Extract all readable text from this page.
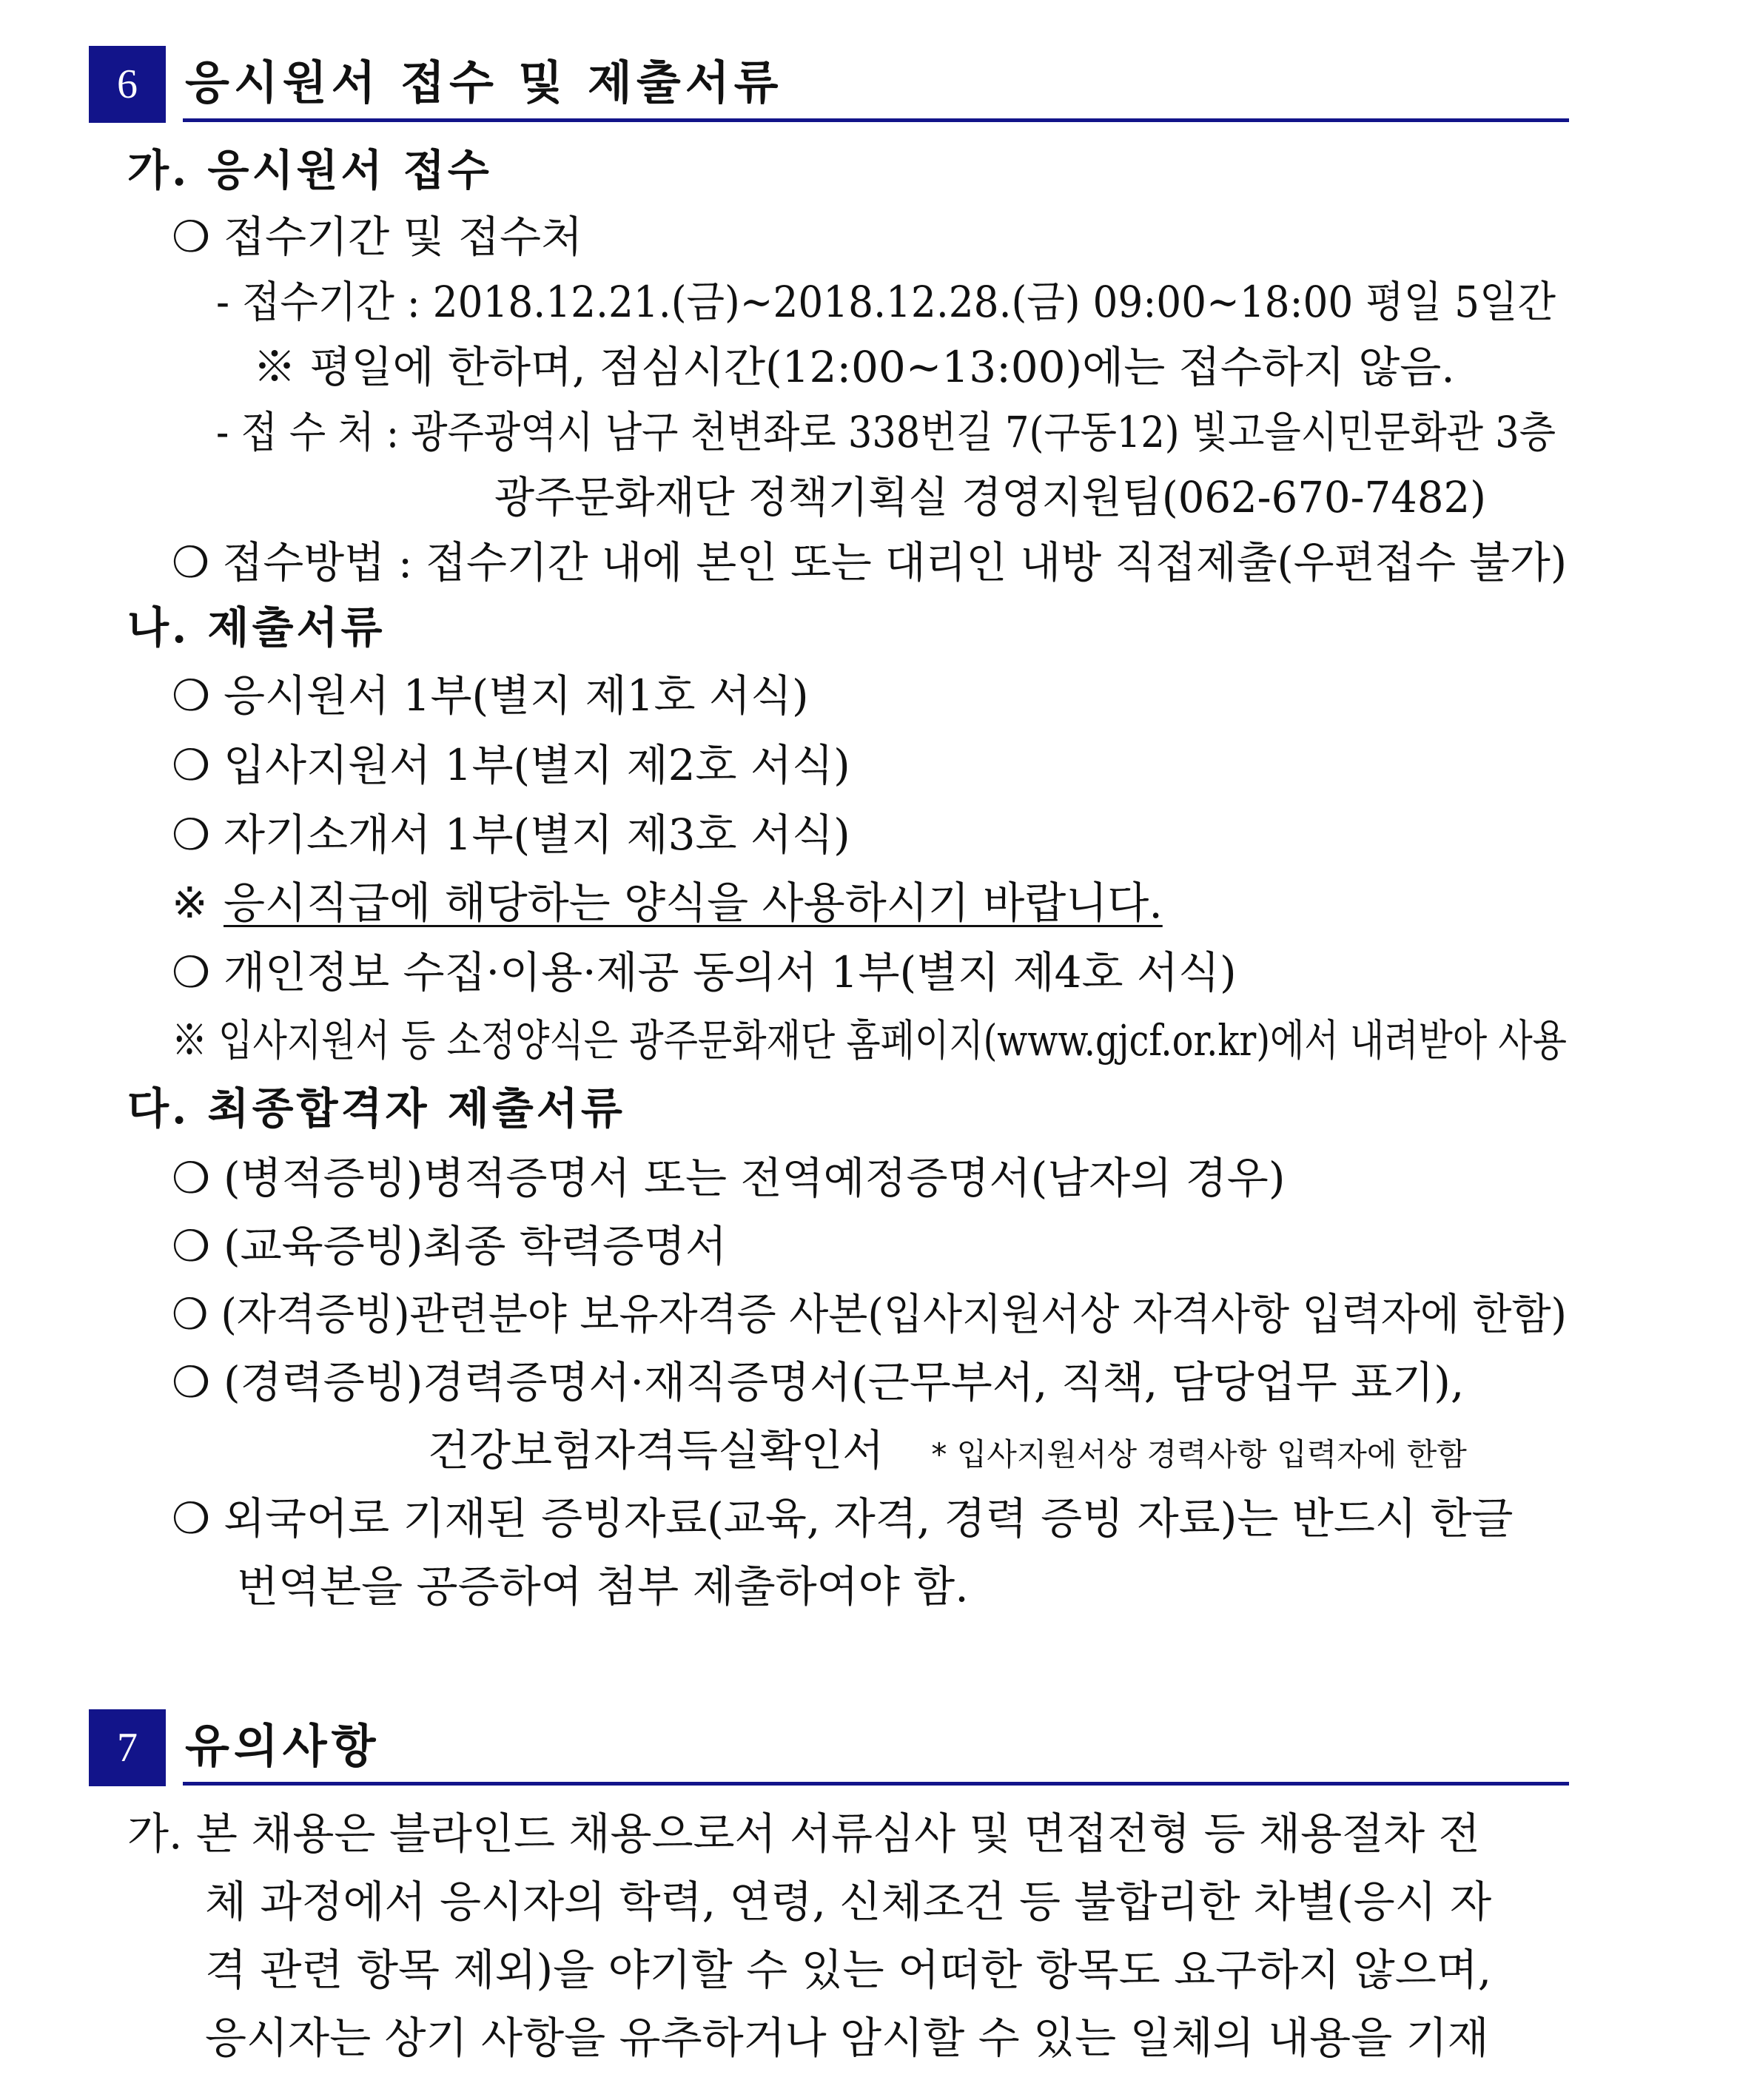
6	응시원서 접수 및 제출서류
가. 응시원서 접수
❍ 접수기간 및 접수처
- 접수기간 : 2018.12.21.(금)~2018.12.28.(금) 09:00~18:00 평일 5일간
※ 평일에 한하며, 점심시간(12:00~13:00)에는 접수하지 않음.
- 접 수 처 : 광주광역시 남구 천변좌로 338번길 7(구동12) 빛고을시민문화관 3층
광주문화재단 정책기획실 경영지원팀(062-670-7482)
❍ 접수방법 : 접수기간 내에 본인 또는 대리인 내방 직접제출(우편접수 불가)
나. 제출서류
❍ 응시원서 1부(별지 제1호 서식)
❍ 입사지원서 1부(별지 제2호 서식)
❍ 자기소개서 1부(별지 제3호 서식)
※ 응시직급에 해당하는 양식을 사용하시기 바랍니다.
❍ 개인정보 수집·이용·제공 동의서 1부(별지 제4호 서식)
※ 입사지원서 등 소정양식은 광주문화재단 홈페이지(www.gjcf.or.kr)에서 내려받아 사용
다. 최종합격자 제출서류
❍ (병적증빙)병적증명서 또는 전역예정증명서(남자의 경우)
❍ (교육증빙)최종 학력증명서
❍ (자격증빙)관련분야 보유자격증 사본(입사지원서상 자격사항 입력자에 한함)
❍ (경력증빙)경력증명서·재직증명서(근무부서, 직책, 담당업무 표기),
건강보험자격득실확인서 * 입사지원서상 경력사항 입력자에 한함
❍ 외국어로 기재된 증빙자료(교육, 자격, 경력 증빙 자료)는 반드시 한글
번역본을 공증하여 첨부 제출하여야 함.
7	유의사항
가. 본 채용은 블라인드 채용으로서 서류심사 및 면접전형 등 채용절차 전
체 과정에서 응시자의 학력, 연령, 신체조건 등 불합리한 차별(응시 자
격 관련 항목 제외)을 야기할 수 있는 어떠한 항목도 요구하지 않으며,
응시자는 상기 사항을 유추하거나 암시할 수 있는 일체의 내용을 기재
